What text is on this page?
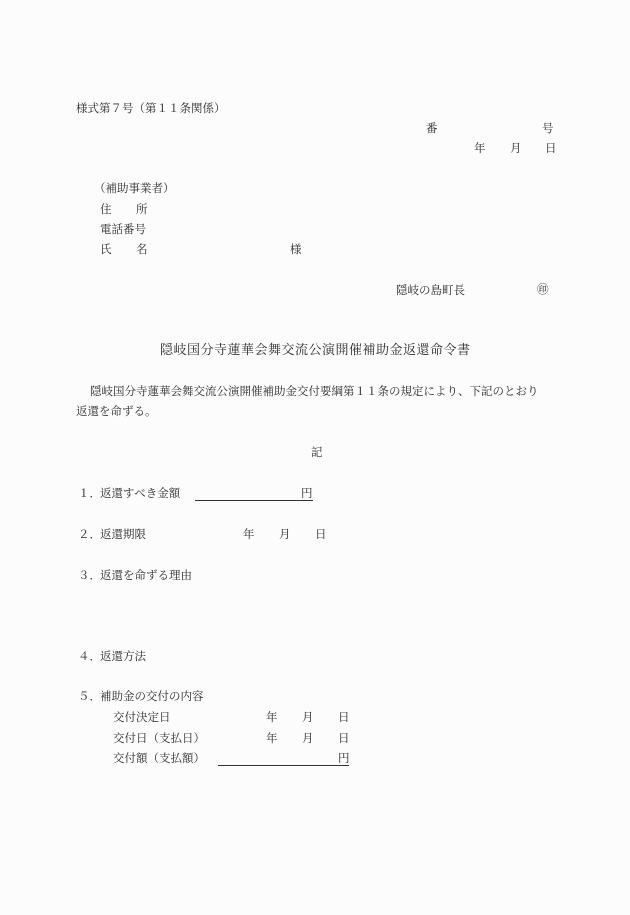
様式第７号（第１１条関係）
番	号
年 月 日
（補助事業者）
住 所
電話番号
氏 名	様
隠岐の島町長	㊞
隠岐国分寺蓮華会舞交流公演開催補助金返還命令書
隠岐国分寺蓮華会舞交流公演開催補助金交付要綱第１１条の規定により、下記のとおり
返還を命ずる。
記
１． 返還すべき金額	円
２． 返還期限	年 月 日
３． 返還を命ずる理由
４． 返還方法
５． 補助金の交付の内容
交付決定日	年 月 日
交付日（支払日）	年 月 日
交付額（支払額）	円
